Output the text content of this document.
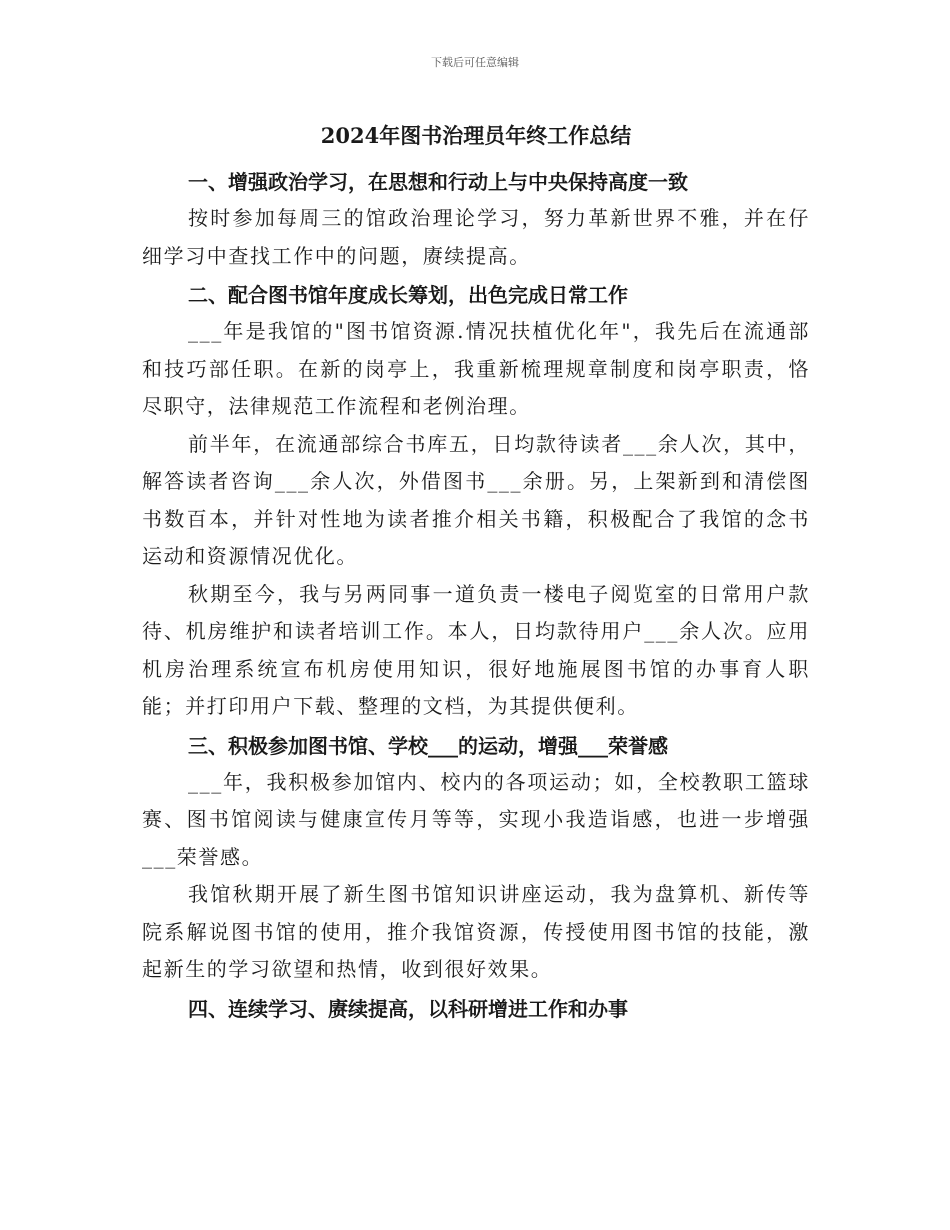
下载后可任意编辑
2024年图书治理员年终工作总结
一、增强政治学习，在思想和行动上与中央保持高度一致

按时参加每周三的馆政治理论学习，努力革新世界不雅，并在仔细学习中查找工作中的问题，赓续提高。

二、配合图书馆年度成长筹划，出色完成日常工作

___年是我馆的"图书馆资源.情况扶植优化年"，我先后在流通部和技巧部任职。在新的岗亭上，我重新梳理规章制度和岗亭职责，恪尽职守，法律规范工作流程和老例治理。

前半年，在流通部综合书库五，日均款待读者___余人次，其中，解答读者咨询___余人次，外借图书___余册。另，上架新到和清偿图书数百本，并针对性地为读者推介相关书籍，积极配合了我馆的念书运动和资源情况优化。

秋期至今，我与另两同事一道负责一楼电子阅览室的日常用户款待、机房维护和读者培训工作。本人，日均款待用户___余人次。应用机房治理系统宣布机房使用知识，很好地施展图书馆的办事育人职能；并打印用户下载、整理的文档，为其提供便利。

三、积极参加图书馆、学校___的运动，增强___荣誉感

___年，我积极参加馆内、校内的各项运动；如，全校教职工篮球赛、图书馆阅读与健康宣传月等等，实现小我造诣感，也进一步增强___荣誉感。

我馆秋期开展了新生图书馆知识讲座运动，我为盘算机、新传等院系解说图书馆的使用，推介我馆资源，传授使用图书馆的技能，激起新生的学习欲望和热情，收到很好效果。

四、连续学习、赓续提高，以科研增进工作和办事
